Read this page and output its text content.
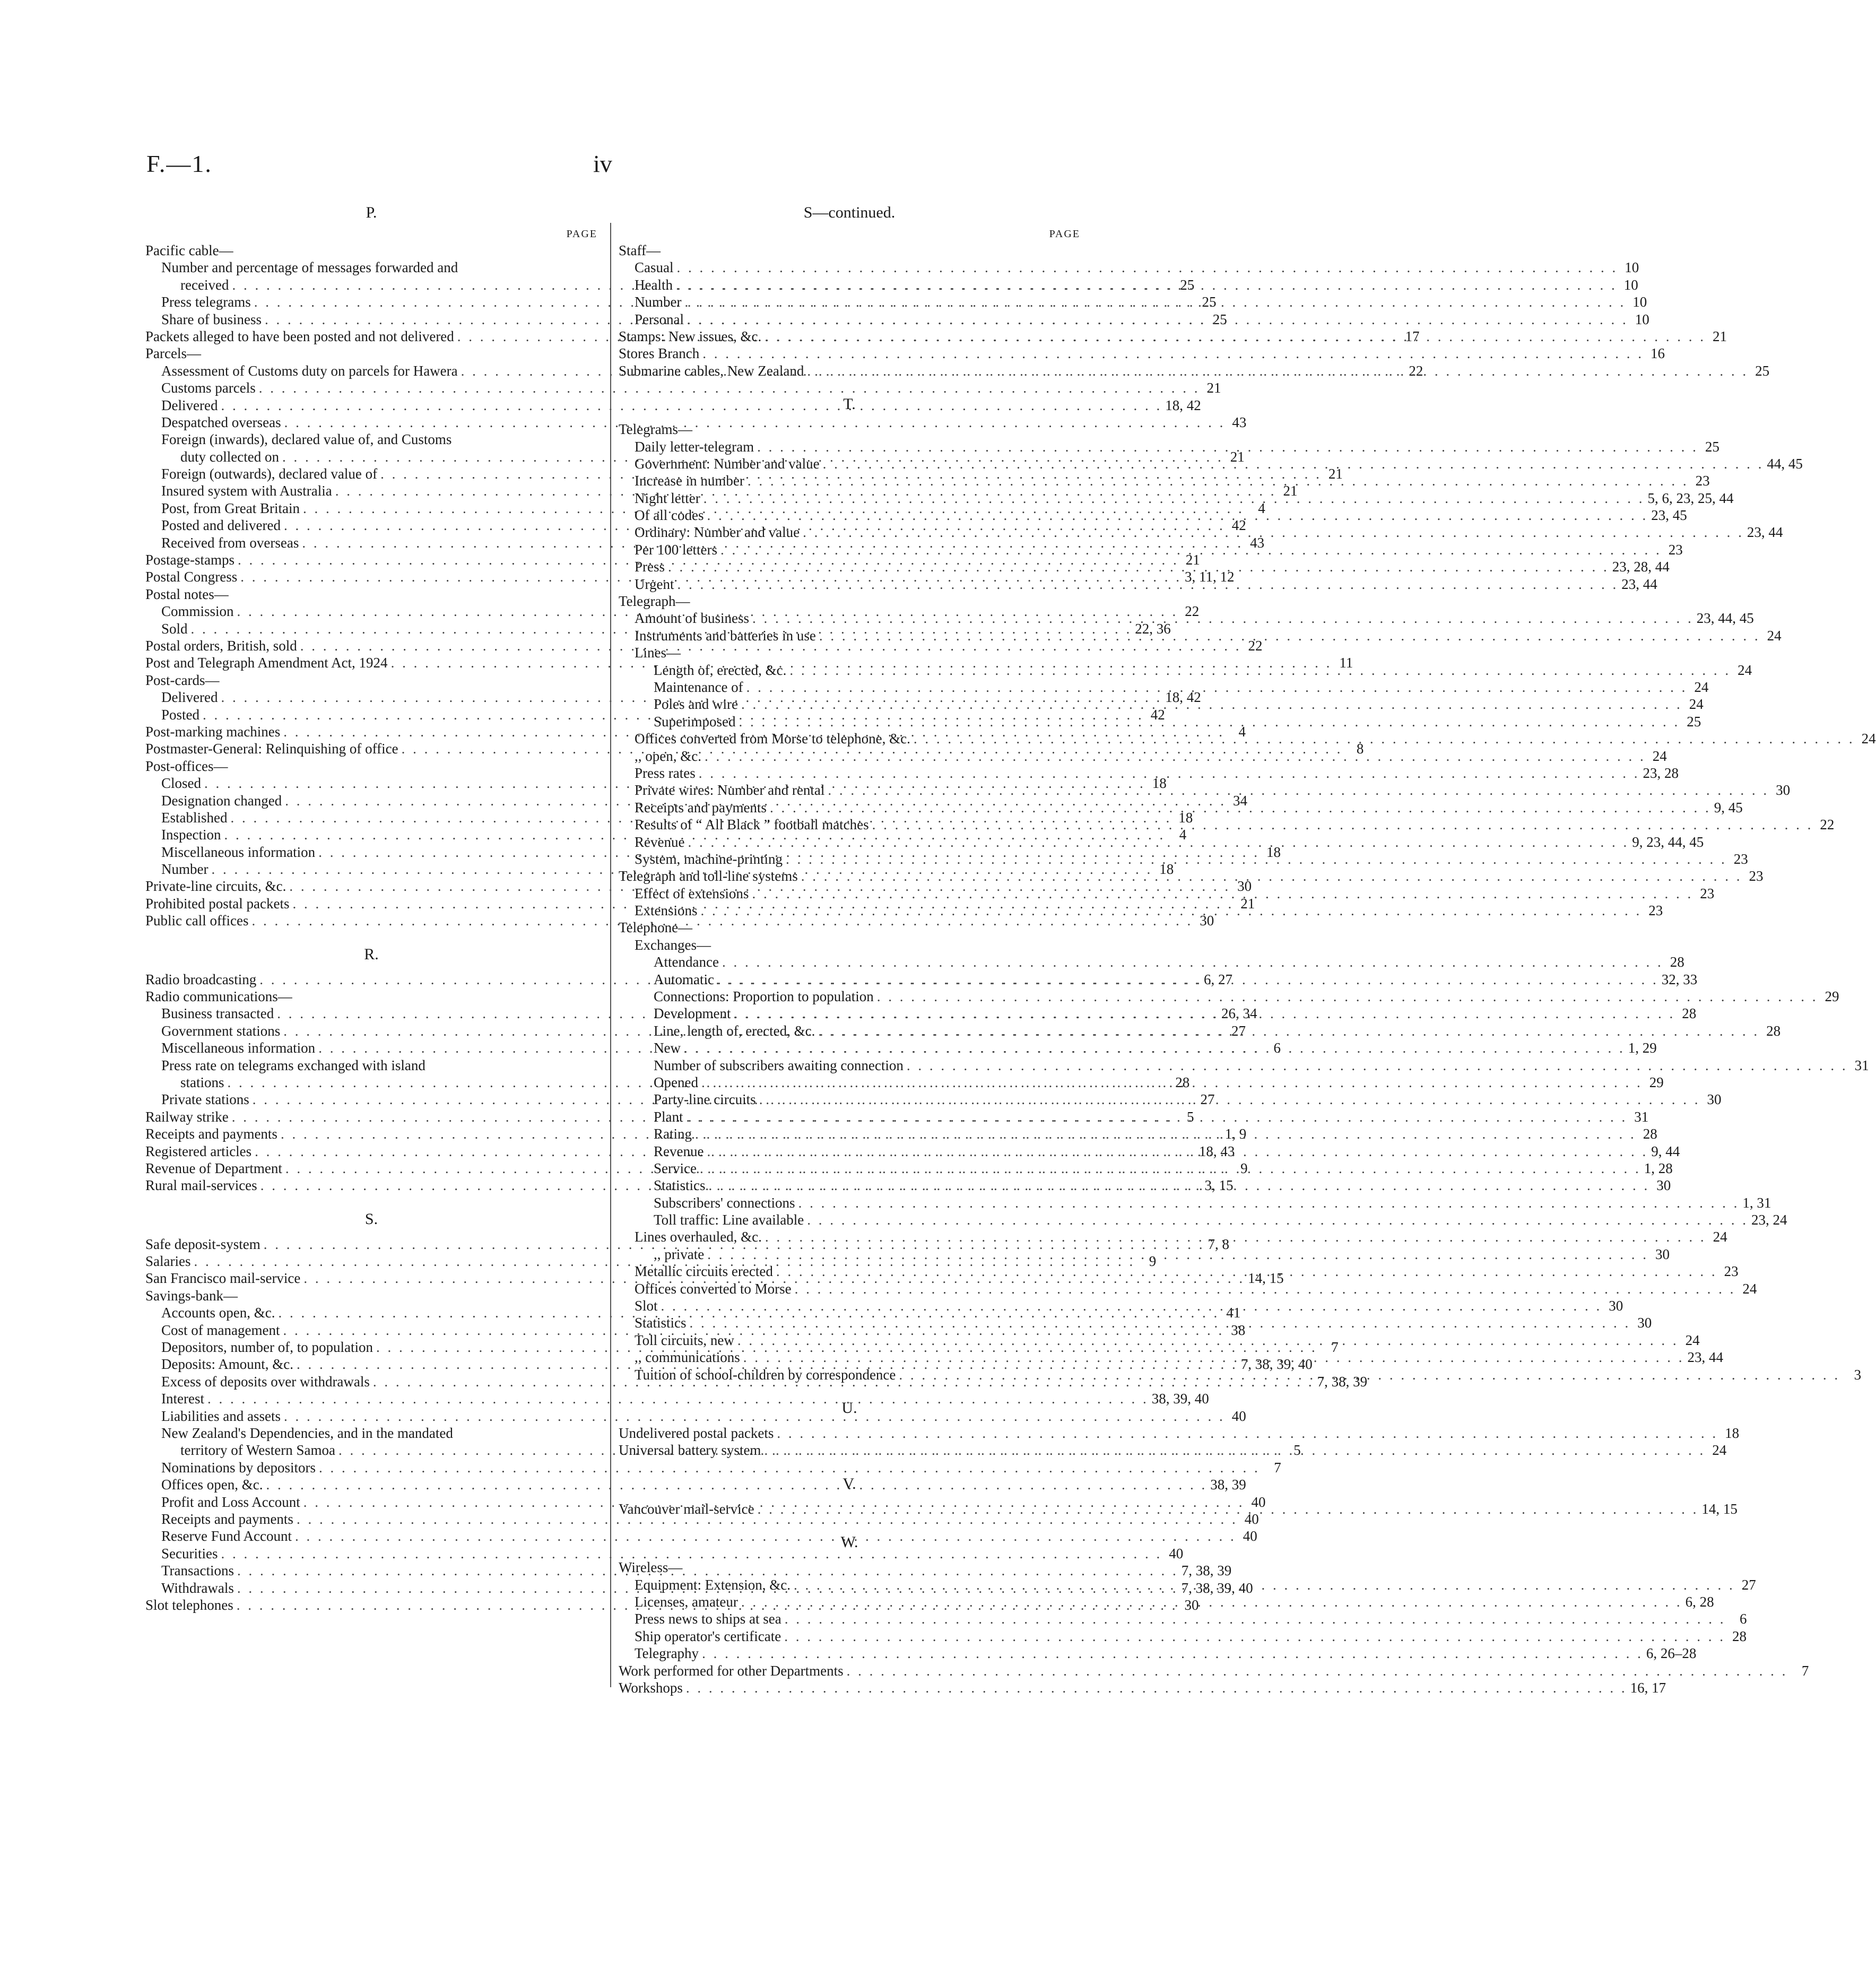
F.—1.	iv
P.
PAGE
Pacific cable—
Number and percentage of messages forwarded and
received . . .	25
Press telegrams . . .	25
Share of business . . .	25
Packets alleged to have been posted and not delivered . . .	17
Parcels—
Assessment of Customs duty on parcels for Hawera . . .	22
Customs parcels . . .	21
Delivered . . .	18, 42
Despatched overseas . . .	43
Foreign (inwards), declared value of, and Customs
duty collected on . . .	21
Foreign (outwards), declared value of . . .	21
Insured system with Australia . . .	21
Post, from Great Britain . . .	4
Posted and delivered . . .	42
Received from overseas . . .	43
Postage-stamps . . .	21
Postal Congress . . .	3, 11, 12
Postal notes—
Commission . . .	22
Sold . . .	22, 36
Postal orders, British, sold . . .	22
Post and Telegraph Amendment Act, 1924 . . .	11
Post-cards—
Delivered . . .	18, 42
Posted . . .	42
Post-marking machines . . .	4
Postmaster-General: Relinquishing of office . . .	8
Post-offices—
Closed . . .	18
Designation changed . . .	34
Established . . .	18
Inspection . . .	4
Miscellaneous information . . .	18
Number . . .	18
Private-line circuits, &c. . . .	30
Prohibited postal packets . . .	21
Public call offices . . .	30
R.
Radio broadcasting . . .	6, 27
Radio communications—
Business transacted . . .	26, 34
Government stations . . .	27
Miscellaneous information . . .	6
Press rate on telegrams exchanged with island
stations . . .	28
Private stations . . .	27
Railway strike . . .	5
Receipts and payments . . .	1, 9
Registered articles . . .	18, 43
Revenue of Department . . .	9
Rural mail-services . . .	3, 15
S.
Safe deposit-system . . .	7, 8
Salaries . . .	9
San Francisco mail-service . . .	14, 15
Savings-bank—
Accounts open, &c. . . .	41
Cost of management . . .	38
Depositors, number of, to population . . .	7
Deposits: Amount, &c. . . .	7, 38, 39, 40
Excess of deposits over withdrawals . . .	7, 38, 39
Interest . . .	38, 39, 40
Liabilities and assets . . .	40
New Zealand's Dependencies, and in the mandated
territory of Western Samoa . . .	5
Nominations by depositors . . .	7
Offices open, &c. . . .	38, 39
Profit and Loss Account . . .	40
Receipts and payments . . .	40
Reserve Fund Account . . .	40
Securities . . .	40
Transactions . . .	7, 38, 39
Withdrawals . . .	7, 38, 39, 40
Slot telephones . . .	30
S—continued.
PAGE
Staff—
Casual . . .	10
Health . . .	10
Number . . .	10
Personal . . .	10
Stamps: New issues, &c. . . .	21
Stores Branch . . .	16
Submarine cables, New Zealand . . .	25
T.
Telegrams—
Daily letter-telegram . . .	25
Government: Number and value . . .	44, 45
Increase in number . . .	23
Night letter . . .	5, 6, 23, 25, 44
Of all codes . . .	23, 45
Ordinary: Number and value . . .	23, 44
Per 100 letters . . .	23
Press . . .	23, 28, 44
Urgent . . .	23, 44
Telegraph—
Amount of business . . .	23, 44, 45
Instruments and batteries in use . . .	24
Lines—
Length of, erected, &c. . . .	24
Maintenance of . . .	24
Poles and wire . . .	24
Superimposed . . .	25
Offices converted from Morse to telephone, &c. . . .	24
,, open, &c. . . .	24
Press rates . . .	23, 28
Private wires: Number and rental . . .	30
Receipts and payments . . .	9, 45
Results of “ All Black ” football matches . . .	22
Revenue . . .	9, 23, 44, 45
System, machine-printing . . .	23
Telegraph and toll-line systems . . .	23
Effect of extensions . . .	23
Extensions . . .	23
Telephone—
Exchanges—
Attendance . . .	28
Automatic . . .	32, 33
Connections: Proportion to population . . .	29
Development . . .	28
Line, length of, erected, &c. . . .	28
New . . .	1, 29
Number of subscribers awaiting connection . . .	31
Opened . . .	29
Party-line circuits . . .	30
Plant . . .	31
Rating . . .	28
Revenue . . .	9, 44
Service . . .	1, 28
Statistics . . .	30
Subscribers' connections . . .	1, 31
Toll traffic: Line available . . .	23, 24
Lines overhauled, &c. . . .	24
,, private . . .	30
Metallic circuits erected . . .	23
Offices converted to Morse . . .	24
Slot . . .	30
Statistics . . .	30
Toll circuits, new . . .	24
,, communications . . .	23, 44
Tuition of school-children by correspondence . . .	3
U.
Undelivered postal packets . . .	18
Universal battery system . . .	24
V.
Vancouver mail-service . . .	14, 15
W.
Wireless—
Equipment: Extension, &c. . . .	27
Licenses, amateur . . .	6, 28
Press news to ships at sea . . .	6
Ship operator's certificate . . .	28
Telegraphy . . .	6, 26–28
Work performed for other Departments . . .	7
Workshops . . .	16, 17
